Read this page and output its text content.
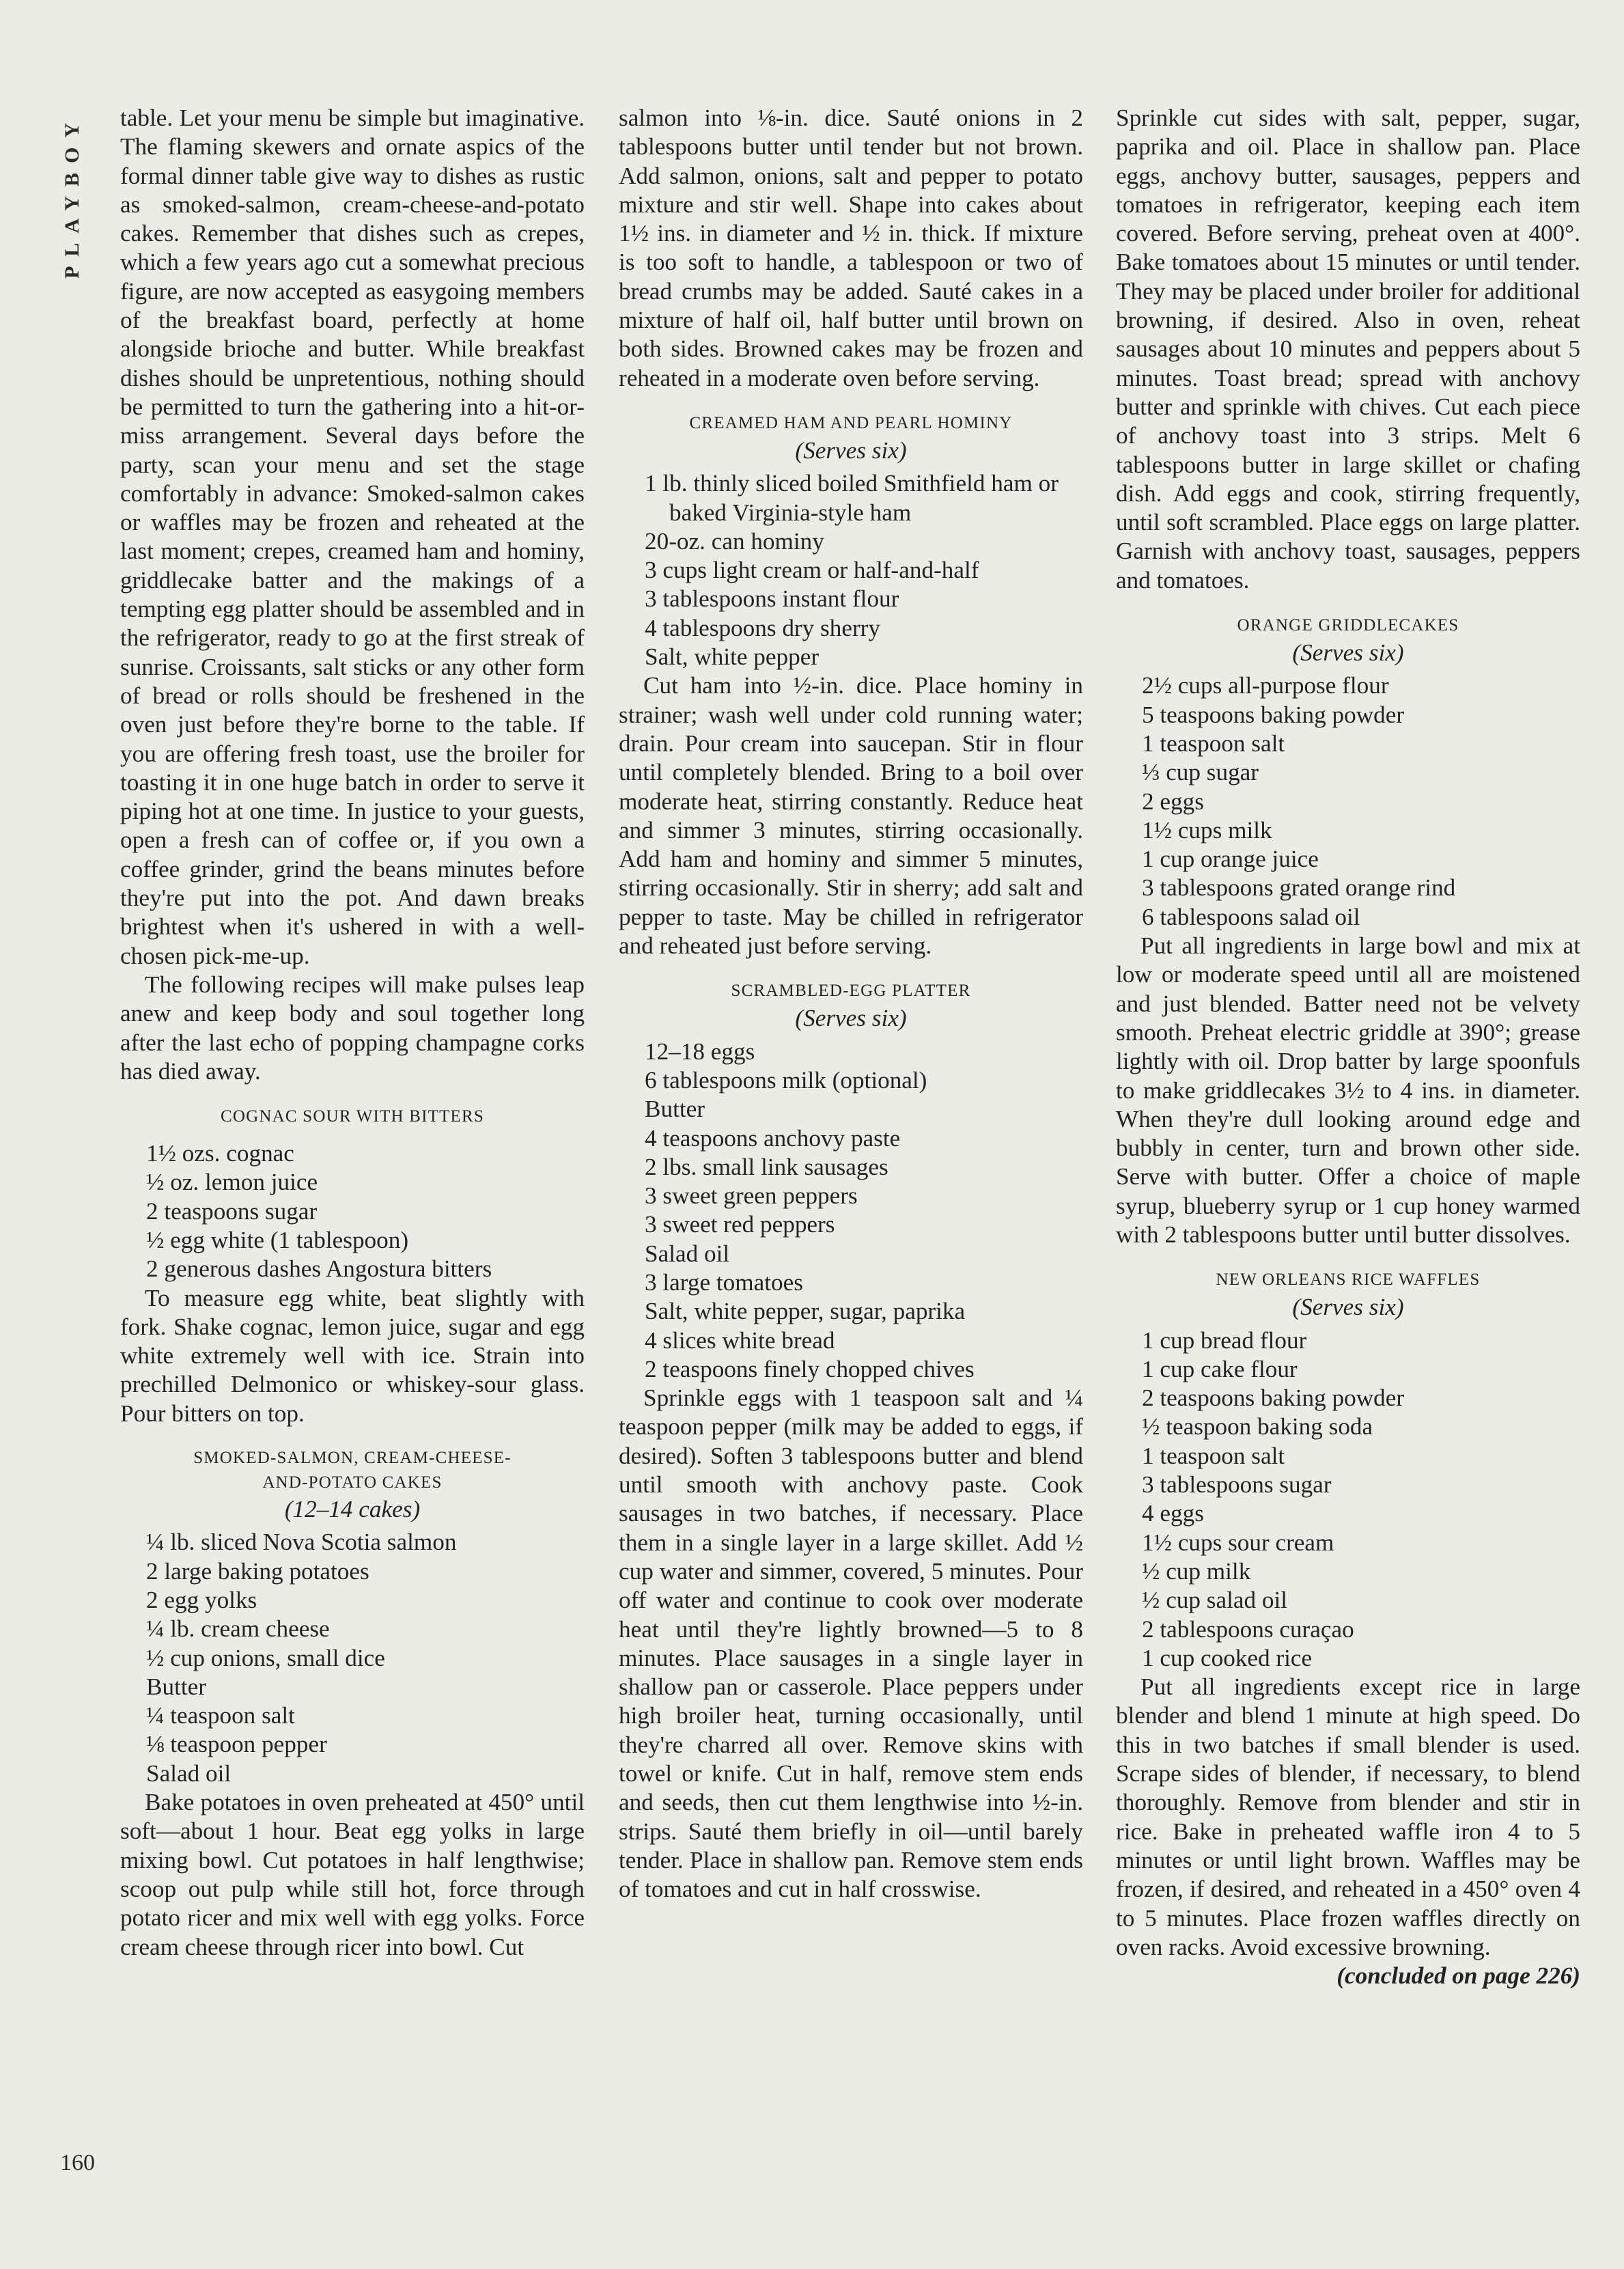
PLAYBOY
160

table. Let your menu be simple but imaginative. The flaming skewers and ornate aspics of the formal dinner table give way to dishes as rustic as smoked-salmon, cream-cheese-and-potato cakes. Remember that dishes such as crepes, which a few years ago cut a somewhat precious figure, are now accepted as easygoing members of the breakfast board, perfectly at home alongside brioche and butter. While breakfast dishes should be unpretentious, nothing should be permitted to turn the gathering into a hit-or-miss arrangement. Several days before the party, scan your menu and set the stage comfortably in advance: Smoked-salmon cakes or waffles may be frozen and reheated at the last moment; crepes, creamed ham and hominy, griddlecake batter and the makings of a tempting egg platter should be assembled and in the refrigerator, ready to go at the first streak of sunrise. Croissants, salt sticks or any other form of bread or rolls should be freshened in the oven just before they're borne to the table. If you are offering fresh toast, use the broiler for toasting it in one huge batch in order to serve it piping hot at one time. In justice to your guests, open a fresh can of coffee or, if you own a coffee grinder, grind the beans minutes before they're put into the pot. And dawn breaks brightest when it's ushered in with a well-chosen pick-me-up.

The following recipes will make pulses leap anew and keep body and soul together long after the last echo of popping champagne corks has died away.

COGNAC SOUR WITH BITTERS
1½ ozs. cognac
½ oz. lemon juice
2 teaspoons sugar
½ egg white (1 tablespoon)
2 generous dashes Angostura bitters

To measure egg white, beat slightly with fork. Shake cognac, lemon juice, sugar and egg white extremely well with ice. Strain into prechilled Delmonico or whiskey-sour glass. Pour bitters on top.

SMOKED-SALMON, CREAM-CHEESE-
AND-POTATO CAKES
(12–14 cakes)
¼ lb. sliced Nova Scotia salmon
2 large baking potatoes
2 egg yolks
¼ lb. cream cheese
½ cup onions, small dice
Butter
¼ teaspoon salt
⅛ teaspoon pepper
Salad oil

Bake potatoes in oven preheated at 450° until soft—about 1 hour. Beat egg yolks in large mixing bowl. Cut potatoes in half lengthwise; scoop out pulp while still hot, force through potato ricer and mix well with egg yolks. Force cream cheese through ricer into bowl. Cut

salmon into ⅛-in. dice. Sauté onions in 2 tablespoons butter until tender but not brown. Add salmon, onions, salt and pepper to potato mixture and stir well. Shape into cakes about 1½ ins. in diameter and ½ in. thick. If mixture is too soft to handle, a tablespoon or two of bread crumbs may be added. Sauté cakes in a mixture of half oil, half butter until brown on both sides. Browned cakes may be frozen and reheated in a moderate oven before serving.

CREAMED HAM AND PEARL HOMINY
(Serves six)
1 lb. thinly sliced boiled Smithfield ham or baked Virginia-style ham
20-oz. can hominy
3 cups light cream or half-and-half
3 tablespoons instant flour
4 tablespoons dry sherry
Salt, white pepper

Cut ham into ½-in. dice. Place hominy in strainer; wash well under cold running water; drain. Pour cream into saucepan. Stir in flour until completely blended. Bring to a boil over moderate heat, stirring constantly. Reduce heat and simmer 3 minutes, stirring occasionally. Add ham and hominy and simmer 5 minutes, stirring occasionally. Stir in sherry; add salt and pepper to taste. May be chilled in refrigerator and reheated just before serving.

SCRAMBLED-EGG PLATTER
(Serves six)
12–18 eggs
6 tablespoons milk (optional)
Butter
4 teaspoons anchovy paste
2 lbs. small link sausages
3 sweet green peppers
3 sweet red peppers
Salad oil
3 large tomatoes
Salt, white pepper, sugar, paprika
4 slices white bread
2 teaspoons finely chopped chives

Sprinkle eggs with 1 teaspoon salt and ¼ teaspoon pepper (milk may be added to eggs, if desired). Soften 3 tablespoons butter and blend until smooth with anchovy paste. Cook sausages in two batches, if necessary. Place them in a single layer in a large skillet. Add ½ cup water and simmer, covered, 5 minutes. Pour off water and continue to cook over moderate heat until they're lightly browned—5 to 8 minutes. Place sausages in a single layer in shallow pan or casserole. Place peppers under high broiler heat, turning occasionally, until they're charred all over. Remove skins with towel or knife. Cut in half, remove stem ends and seeds, then cut them lengthwise into ½-in. strips. Sauté them briefly in oil—until barely tender. Place in shallow pan. Remove stem ends of tomatoes and cut in half crosswise.

Sprinkle cut sides with salt, pepper, sugar, paprika and oil. Place in shallow pan. Place eggs, anchovy butter, sausages, peppers and tomatoes in refrigerator, keeping each item covered. Before serving, preheat oven at 400°. Bake tomatoes about 15 minutes or until tender. They may be placed under broiler for additional browning, if desired. Also in oven, reheat sausages about 10 minutes and peppers about 5 minutes. Toast bread; spread with anchovy butter and sprinkle with chives. Cut each piece of anchovy toast into 3 strips. Melt 6 tablespoons butter in large skillet or chafing dish. Add eggs and cook, stirring frequently, until soft scrambled. Place eggs on large platter. Garnish with anchovy toast, sausages, peppers and tomatoes.

ORANGE GRIDDLECAKES
(Serves six)
2½ cups all-purpose flour
5 teaspoons baking powder
1 teaspoon salt
⅓ cup sugar
2 eggs
1½ cups milk
1 cup orange juice
3 tablespoons grated orange rind
6 tablespoons salad oil

Put all ingredients in large bowl and mix at low or moderate speed until all are moistened and just blended. Batter need not be velvety smooth. Preheat electric griddle at 390°; grease lightly with oil. Drop batter by large spoonfuls to make griddlecakes 3½ to 4 ins. in diameter. When they're dull looking around edge and bubbly in center, turn and brown other side. Serve with butter. Offer a choice of maple syrup, blueberry syrup or 1 cup honey warmed with 2 tablespoons butter until butter dissolves.

NEW ORLEANS RICE WAFFLES
(Serves six)
1 cup bread flour
1 cup cake flour
2 teaspoons baking powder
½ teaspoon baking soda
1 teaspoon salt
3 tablespoons sugar
4 eggs
1½ cups sour cream
½ cup milk
½ cup salad oil
2 tablespoons curaçao
1 cup cooked rice

Put all ingredients except rice in large blender and blend 1 minute at high speed. Do this in two batches if small blender is used. Scrape sides of blender, if necessary, to blend thoroughly. Remove from blender and stir in rice. Bake in preheated waffle iron 4 to 5 minutes or until light brown. Waffles may be frozen, if desired, and reheated in a 450° oven 4 to 5 minutes. Place frozen waffles directly on oven racks. Avoid excessive browning.

(concluded on page 226)
